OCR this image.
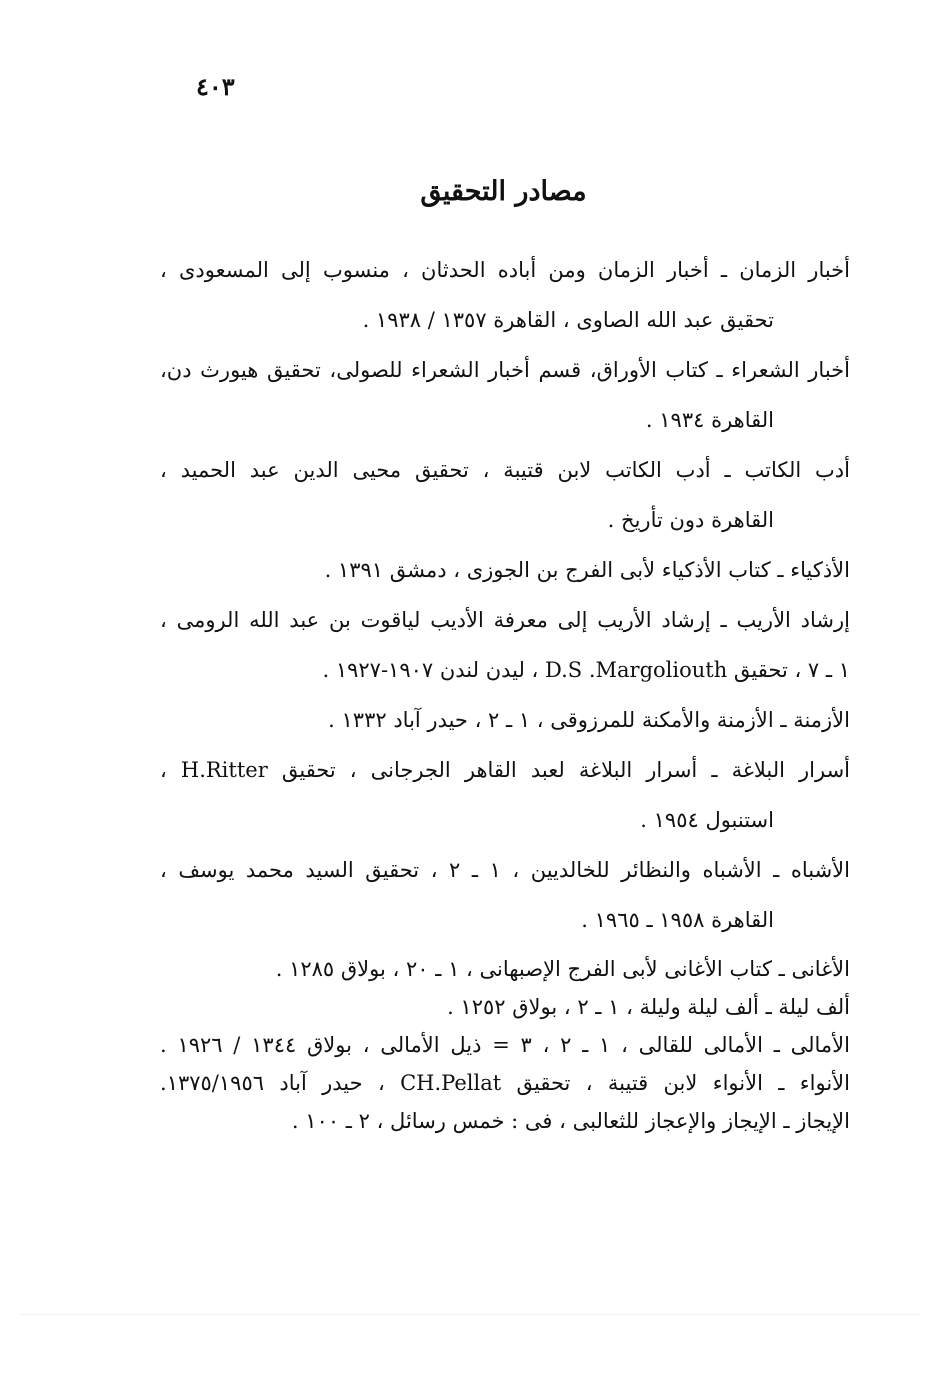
٤٠٣
مصادر التحقيق
أخبار الزمان ـ أخبار الزمان ومن أباده الحدثان ، منسوب إلى المسعودى ،
تحقيق عبد الله الصاوى ، القاهرة ١٣٥٧ / ١٩٣٨ .
أخبار الشعراء ـ كتاب الأوراق، قسم أخبار الشعراء للصولى، تحقيق هيورث دن،
القاهرة ١٩٣٤ .
أدب الكاتب ـ أدب الكاتب لابن قتيبة ، تحقيق محيى الدين عبد الحميد ،
القاهرة دون تأريخ .
الأذكياء ـ كتاب الأذكياء لأبى الفرج بن الجوزى ، دمشق ١٣٩١ .
إرشاد الأريب ـ إرشاد الأريب إلى معرفة الأديب لياقوت بن عبد الله الرومى ،
١ ـ ٧ ، تحقيق D.S .Margoliouth ، ليدن لندن ١٩٠٧-١٩٢٧ .
الأزمنة ـ الأزمنة والأمكنة للمرزوقى ، ١ ـ ٢ ، حيدر آباد ١٣٣٢ .
أسرار البلاغة ـ أسرار البلاغة لعبد القاهر الجرجانى ، تحقيق H.Ritter ،
استنبول ١٩٥٤ .
الأشباه ـ الأشباه والنظائر للخالديين ، ١ ـ ٢ ، تحقيق السيد محمد يوسف ،
القاهرة ١٩٥٨ ـ ١٩٦٥ .
الأغانى ـ كتاب الأغانى لأبى الفرج الإصبهانى ، ١ ـ ٢٠ ، بولاق ١٢٨٥ .
ألف ليلة ـ ألف ليلة وليلة ، ١ ـ ٢ ، بولاق ١٢٥٢ .
الأمالى ـ الأمالى للقالى ، ١ ـ ٢ ، ٣ = ذيل الأمالى ، بولاق ١٣٤٤ / ١٩٢٦ .
الأنواء ـ الأنواء لابن قتيبة ، تحقيق CH.Pellat ، حيدر آباد ١٣٧٥/١٩٥٦.
الإيجاز ـ الإيجاز والإعجاز للثعالبى ، فى : خمس رسائل ، ٢ ـ ١٠٠ .
